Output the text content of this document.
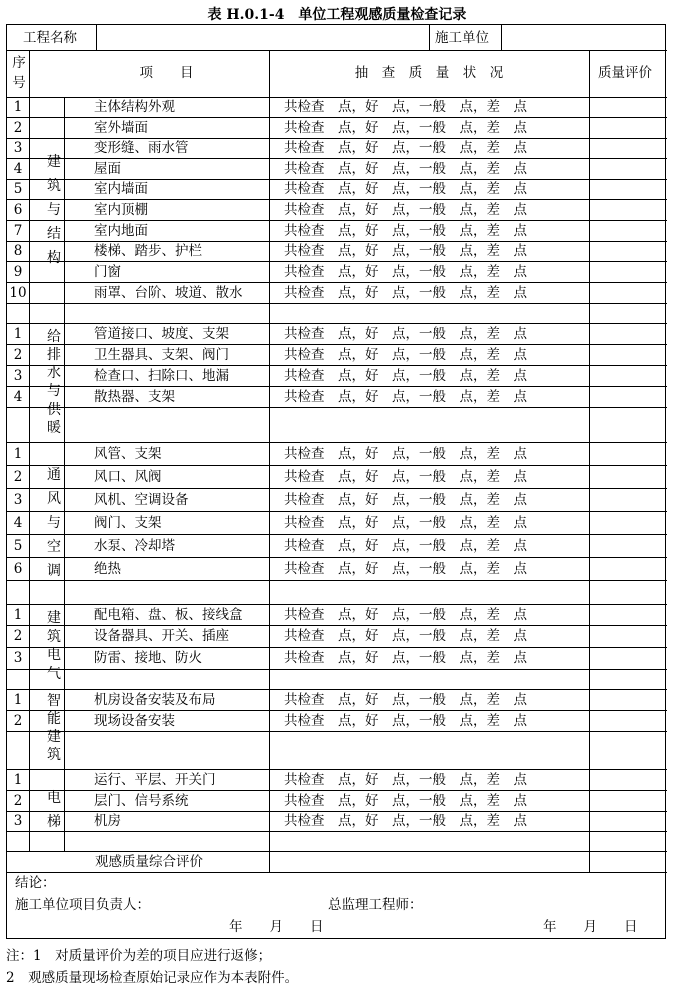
表 H.0.1-4　单位工程观感质量检查记录
工程名称	施工单位
序
号
项　　目	抽　查　质　量　状　况	质量评价
1	主体结构外观	共检查　点，好　点，一般　点，差　点
2	室外墙面	共检查　点，好　点，一般　点，差　点
3	变形缝、雨水管	共检查　点，好　点，一般　点，差　点
4	屋面	共检查　点，好　点，一般　点，差　点
5	室内墙面	共检查　点，好　点，一般　点，差　点
6	室内顶棚	共检查　点，好　点，一般　点，差　点
7	室内地面	共检查　点，好　点，一般　点，差　点
8	楼梯、踏步、护栏	共检查　点，好　点，一般　点，差　点
9	门窗	共检查　点，好　点，一般　点，差　点
10	雨罩、台阶、坡道、散水	共检查　点，好　点，一般　点，差　点
建
筑
与
结
构
1	管道接口、坡度、支架	共检查　点，好　点，一般　点，差　点
2	卫生器具、支架、阀门	共检查　点，好　点，一般　点，差　点
3	检查口、扫除口、地漏	共检查　点，好　点，一般　点，差　点
4	散热器、支架	共检查　点，好　点，一般　点，差　点
给
排
水
与
供
暖
1	风管、支架	共检查　点，好　点，一般　点，差　点
2	风口、风阀	共检查　点，好　点，一般　点，差　点
3	风机、空调设备	共检查　点，好　点，一般　点，差　点
4	阀门、支架	共检查　点，好　点，一般　点，差　点
5	水泵、冷却塔	共检查　点，好　点，一般　点，差　点
6	绝热	共检查　点，好　点，一般　点，差　点
通
风
与
空
调
1	配电箱、盘、板、接线盒	共检查　点，好　点，一般　点，差　点
2	设备器具、开关、插座	共检查　点，好　点，一般　点，差　点
3	防雷、接地、防火	共检查　点，好　点，一般　点，差　点
建
筑
电
气
1	机房设备安装及布局	共检查　点，好　点，一般　点，差　点
2	现场设备安装	共检查　点，好　点，一般　点，差　点
智
能
建
筑
1	运行、平层、开关门	共检查　点，好　点，一般　点，差　点
2	层门、信号系统	共检查　点，好　点，一般　点，差　点
3	机房	共检查　点，好　点，一般　点，差　点
电
梯
观感质量综合评价
结论：
施工单位项目负责人：	总监理工程师：
年　　月　　日	年　　月　　日
注：1　对质量评价为差的项目应进行返修；
2　观感质量现场检查原始记录应作为本表附件。
